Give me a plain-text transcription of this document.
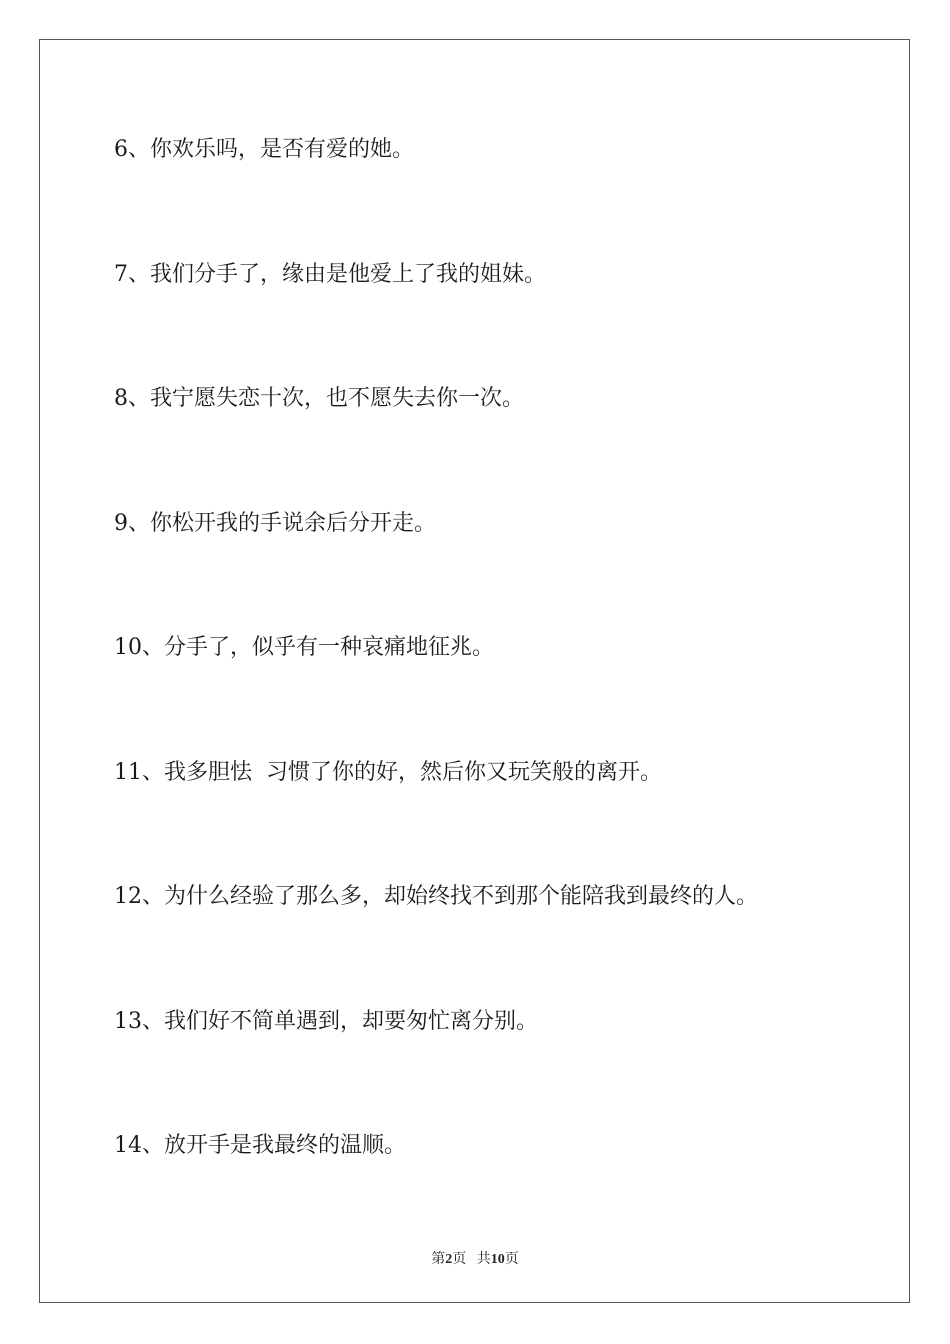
6、你欢乐吗，是否有爱的她。
7、我们分手了，缘由是他爱上了我的姐妹。
8、我宁愿失恋十次，也不愿失去你一次。
9、你松开我的手说余后分开走。
10、分手了，似乎有一种哀痛地征兆。
11、我多胆怯  习惯了你的好，然后你又玩笑般的离开。
12、为什么经验了那么多，却始终找不到那个能陪我到最终的人。
13、我们好不简单遇到，却要匆忙离分别。
14、放开手是我最终的温顺。
第2页 共10页
